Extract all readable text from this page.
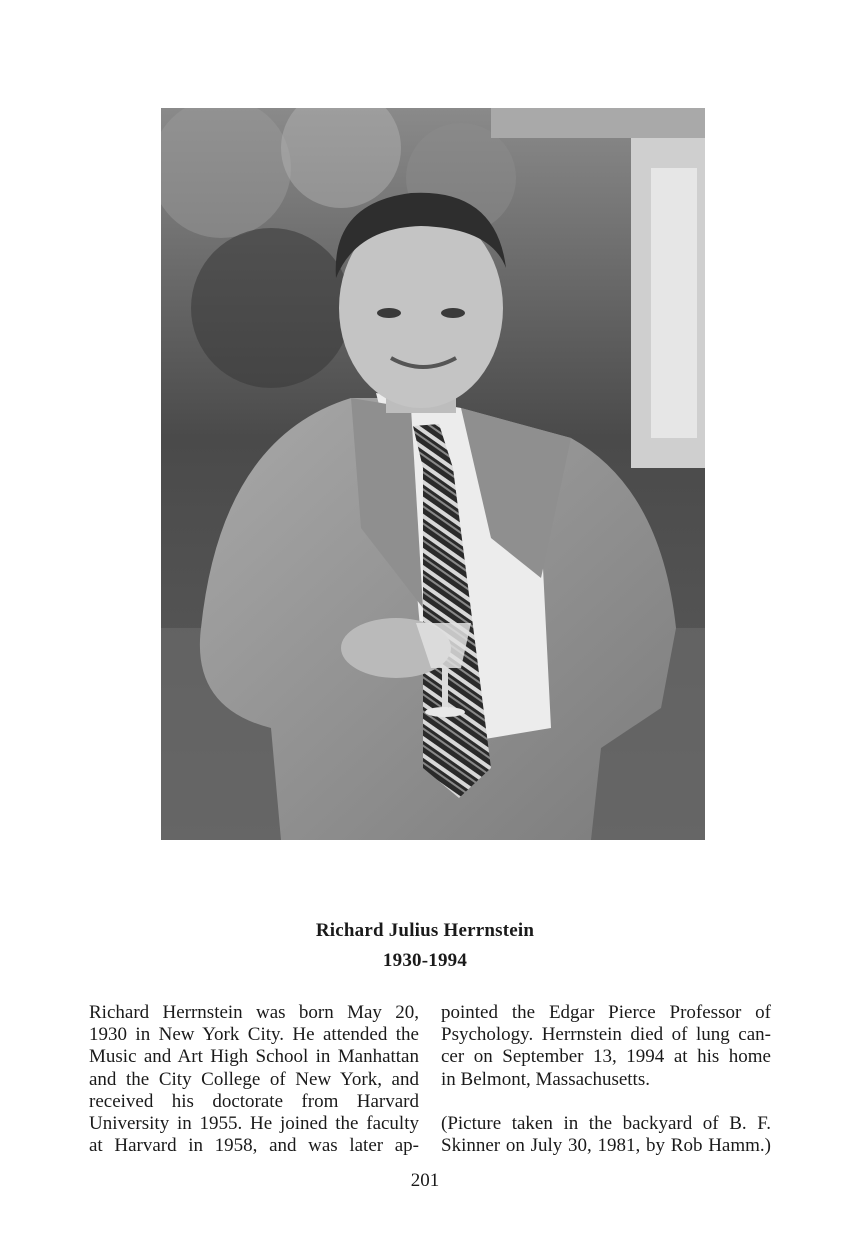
Richard Julius Herrnstein
1930-1994
Richard Herrnstein was born May 20,
1930 in New York City. He attended the
Music and Art High School in Manhattan
and the City College of New York, and
received his doctorate from Harvard
University in 1955. He joined the faculty
at Harvard in 1958, and was later ap-
pointed the Edgar Pierce Professor of
Psychology. Herrnstein died of lung can-
cer on September 13, 1994 at his home
in Belmont, Massachusetts.
(Picture taken in the backyard of B. F.
Skinner on July 30, 1981, by Rob Hamm.)
201
